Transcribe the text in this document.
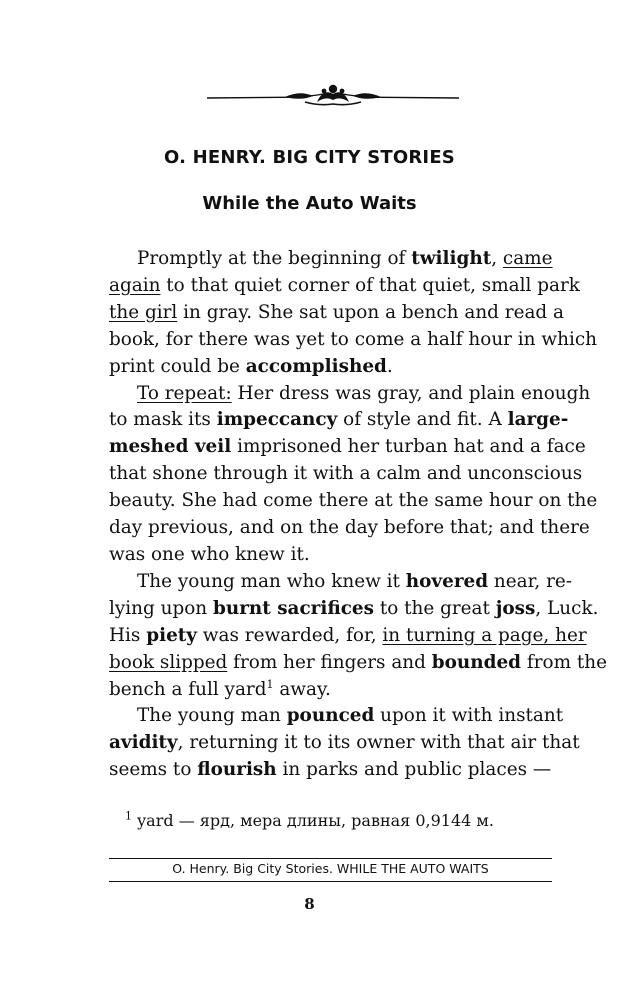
O. HENRY. BIG CITY STORIES
While the Auto Waits
Promptly at the beginning of twilight, came
again to that quiet corner of that quiet, small park
the girl in gray. She sat upon a bench and read a
book, for there was yet to come a half hour in which
print could be accomplished.
To repeat: Her dress was gray, and plain enough
to mask its impeccancy of style and fit. A large-
meshed veil imprisoned her turban hat and a face
that shone through it with a calm and unconscious
beauty. She had come there at the same hour on the
day previous, and on the day before that; and there
was one who knew it.
The young man who knew it hovered near, re-
lying upon burnt sacrifices to the great joss, Luck.
His piety was rewarded, for, in turning a page, her
book slipped from her fingers and bounded from the
bench a full yard$^1$ away.
The young man pounced upon it with instant
avidity, returning it to its owner with that air that
seems to flourish in parks and public places —
$^1$ yard — ярд, мера длины, равная 0,9144 м.
O. Henry. Big City Stories. WHILE THE AUTO WAITS
8
